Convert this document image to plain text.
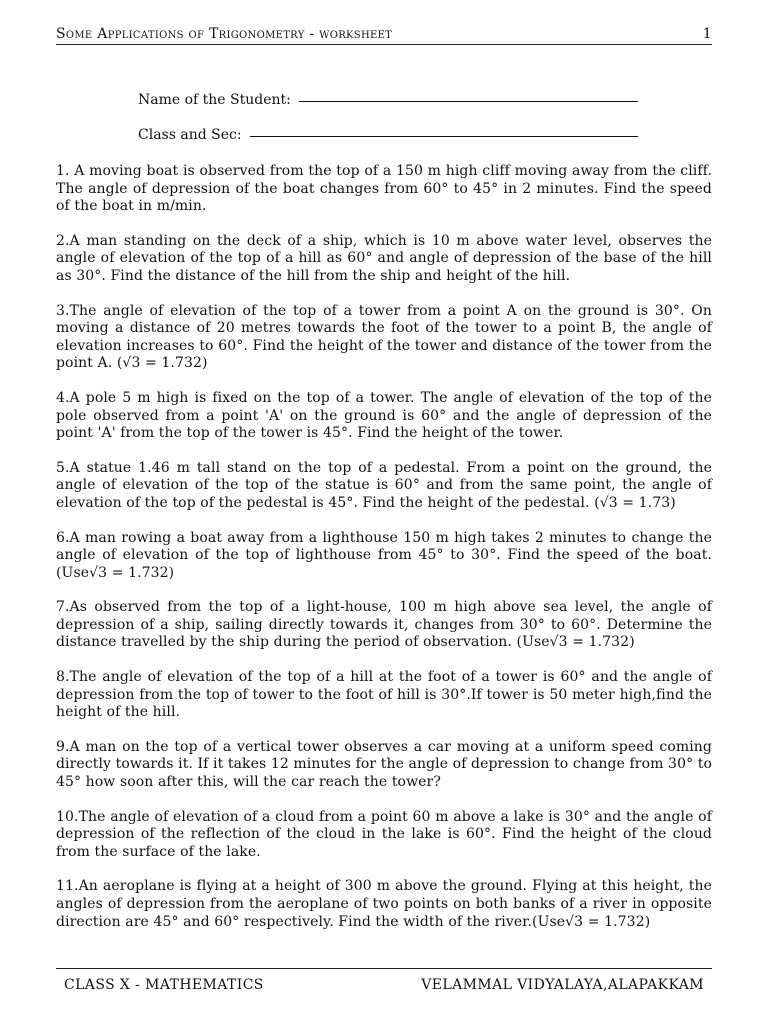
Some Applications of Trigonometry - worksheet	1
Name of the Student:
Class and Sec:

1. A moving boat is observed from the top of a 150 m high cliff moving away from the cliff. The angle of depression of the boat changes from 60° to 45° in 2 minutes. Find the speed of the boat in m/min.

2.A man standing on the deck of a ship, which is 10 m above water level, observes the angle of elevation of the top of a hill as 60° and angle of depression of the base of the hill as 30°. Find the distance of the hill from the ship and height of the hill.

3.The angle of elevation of the top of a tower from a point A on the ground is 30°. On moving a distance of 20 metres towards the foot of the tower to a point B, the angle of elevation increases to 60°. Find the height of the tower and distance of the tower from the point A. (√3 = 1.732)

4.A pole 5 m high is fixed on the top of a tower. The angle of elevation of the top of the pole observed from a point 'A' on the ground is 60° and the angle of depression of the point 'A' from the top of the tower is 45°. Find the height of the tower.

5.A statue 1.46 m tall stand on the top of a pedestal. From a point on the ground, the angle of elevation of the top of the statue is 60° and from the same point, the angle of elevation of the top of the pedestal is 45°. Find the height of the pedestal. (√3 = 1.73)

6.A man rowing a boat away from a lighthouse 150 m high takes 2 minutes to change the angle of elevation of the top of lighthouse from 45° to 30°. Find the speed of the boat. (Use√3 = 1.732)

7.As observed from the top of a light-house, 100 m high above sea level, the angle of depression of a ship, sailing directly towards it, changes from 30° to 60°. Determine the distance travelled by the ship during the period of observation. (Use√3 = 1.732)

8.The angle of elevation of the top of a hill at the foot of a tower is 60° and the angle of depression from the top of tower to the foot of hill is 30°.If tower is 50 meter high,find the height of the hill.

9.A man on the top of a vertical tower observes a car moving at a uniform speed coming directly towards it. If it takes 12 minutes for the angle of depression to change from 30° to 45° how soon after this, will the car reach the tower?

10.The angle of elevation of a cloud from a point 60 m above a lake is 30° and the angle of depression of the reflection of the cloud in the lake is 60°. Find the height of the cloud from the surface of the lake.

11.An aeroplane is flying at a height of 300 m above the ground. Flying at this height, the angles of depression from the aeroplane of two points on both banks of a river in opposite direction are 45° and 60° respectively. Find the width of the river.(Use√3 = 1.732)

CLASS X - MATHEMATICS	VELAMMAL VIDYALAYA,ALAPAKKAM
